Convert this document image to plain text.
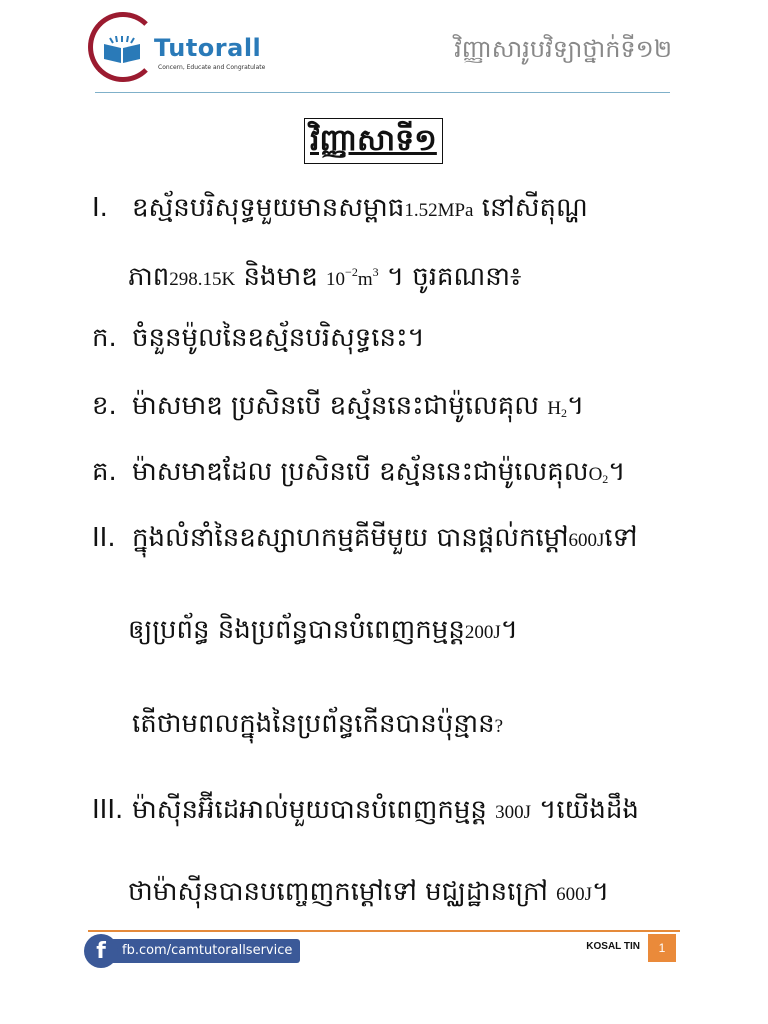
Tutorall
Concern, Educate and Congratulate
វិញ្ញាសារូបវិទ្យាថ្នាក់ទី១២
វិញ្ញាសាទី១
I. ឧស្ម័នបរិសុទ្ធមួយមានសម្ពាធ1.52MPa នៅសីតុណ្ហ
ភាព298.15K និងមាឌ $10^{-2}m^3$ ។ ចូរគណនា៖
ក. ចំនួនម៉ូលនៃឧស្ម័នបរិសុទ្ធនេះ។
ខ. ម៉ាសមាឌ ប្រសិនបើ ឧស្ម័ននេះជាម៉ូលេគុល $H_2$។
គ. ម៉ាសមាឌដែល ប្រសិនបើ ឧស្ម័ននេះជាម៉ូលេគុល$O_2$។
II. ក្នុងលំនាំនៃឧស្សាហកម្មគីមីមួយ បានផ្តល់កម្តៅ600Jទៅ
ឲ្យប្រព័ន្ធ និងប្រព័ន្ធបានបំពេញកម្មន្ត200J។
តើថាមពលក្នុងនៃប្រព័ន្ធកើនបានប៉ុន្មាន?
III. ម៉ាស៊ីនអ៊ីដេអាល់មួយបានបំពេញកម្មន្ត 300J ។យើងដឹង
ថាម៉ាស៊ីនបានបញ្ចេញកម្តៅទៅ មជ្ឈដ្ឋានក្រៅ 600J។
fb.com/camtutorallservice
f	KOSAL TIN	1
